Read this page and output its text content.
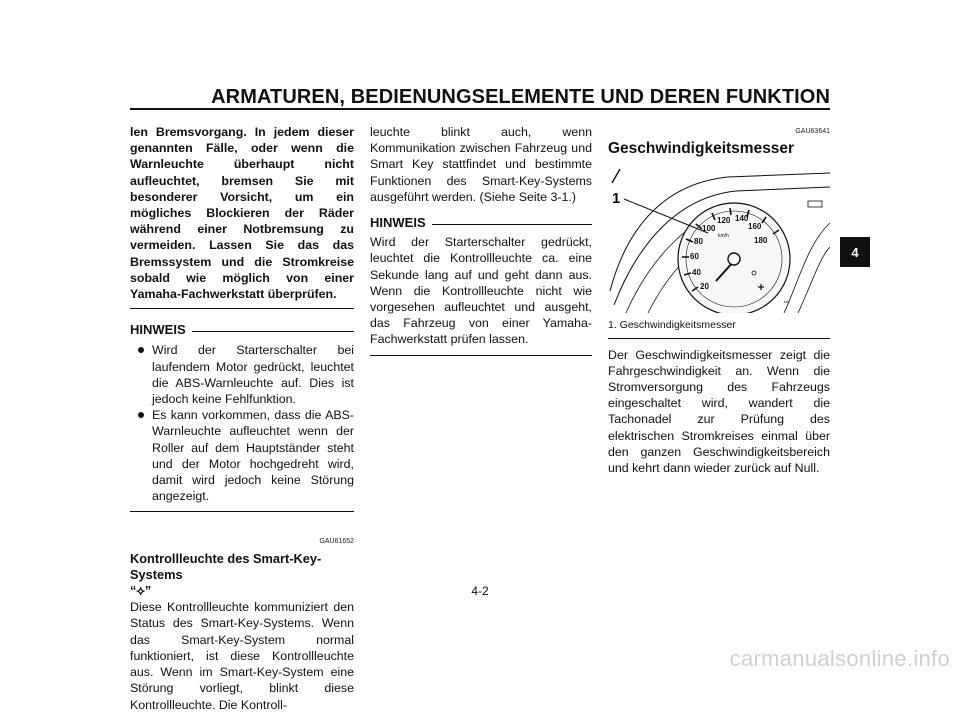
ARMATUREN, BEDIENUNGSELEMENTE UND DEREN FUNKTION
len Bremsvorgang. In jedem dieser genannten Fälle, oder wenn die Warnleuchte überhaupt nicht aufleuchtet, bremsen Sie mit besonderer Vorsicht, um ein mögliches Blockieren der Räder während einer Notbremsung zu vermeiden. Lassen Sie das das Bremssystem und die Stromkreise sobald wie möglich von einer Yamaha-Fachwerkstatt überprüfen.
HINWEIS
Wird der Starterschalter bei laufendem Motor gedrückt, leuchtet die ABS-Warnleuchte auf. Dies ist jedoch keine Fehlfunktion.
Es kann vorkommen, dass die ABS-Warnleuchte aufleuchtet wenn der Roller auf dem Hauptständer steht und der Motor hochgedreht wird, damit wird jedoch keine Störung angezeigt.
GAU61652
Kontrollleuchte des Smart-Key-Systems
“⟡”
Diese Kontrollleuchte kommuniziert den Status des Smart-Key-Systems. Wenn das Smart-Key-System normal funktioniert, ist diese Kontrollleuchte aus. Wenn im Smart-Key-System eine Störung vorliegt, blinkt diese Kontrollleuchte. Die Kontroll-
leuchte blinkt auch, wenn Kommunikation zwischen Fahrzeug und Smart Key stattfindet und bestimmte Funktionen des Smart-Key-Systems ausgeführt werden. (Siehe Seite 3-1.)
HINWEIS
Wird der Starterschalter gedrückt, leuchtet die Kontrollleuchte ca. eine Sekunde lang auf und geht dann aus. Wenn die Kontrollleuchte nicht wie vorgesehen aufleuchtet und ausgeht, das Fahrzeug von einer Yamaha-Fachwerkstatt prüfen lassen.
GAU63641
Geschwindigkeitsmesser
20
40
60
80
100
120 140
160
180
km/h
km
1
1. Geschwindigkeitsmesser
Der Geschwindigkeitsmesser zeigt die Fahrgeschwindigkeit an. Wenn die Stromversorgung des Fahrzeugs eingeschaltet wird, wandert die Tachonadel zur Prüfung des elektrischen Stromkreises einmal über den ganzen Geschwindigkeitsbereich und kehrt dann wieder zurück auf Null.
4
4-2
carmanualsonline.info
